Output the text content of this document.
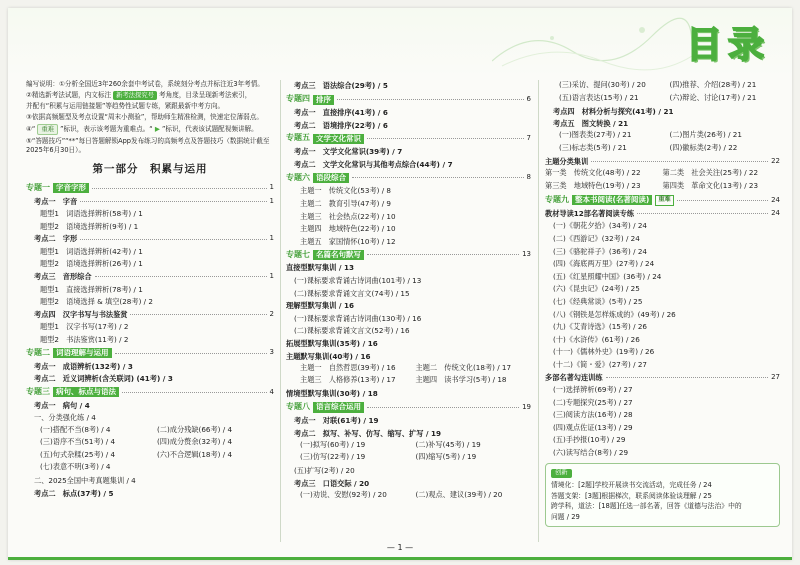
目录

编写说明：①分析全国近3年260余套中考试卷，系统刻分考点并标注近3年考情。

②精选新考法试题，内文标注 新考法探究号 考角度，目录呈现新考法索引，

并配有“积累与运用链接题”等趋势性试题专练，紧跟最新中考方向。

③依据高频题型及考点设置“周末小测验”，帮助师生精准检测，快速定位薄弱点。

④“ 重难 ”标识，表示该考题为重难点。“ ▶ ”标识，代表该试题配视频讲解。

⑤“答题技巧”“**”每日答题解锁App发布练习的高频考点及答题技巧（数据统计截至2025年6月30日）。

第一部分　积累与运用
专题一 字音字形	1
考点一　字音	1
题型1　词语选择辨析(58考) / 1
题型2　语境选择辨析(9考) / 1
考点二　字形	1
题型1　词语选择辨析(42考) / 1
题型2　语境选择辨析(26考) / 1
考点三　音形综合	1
题型1　直接选择辨析(78考) / 1
题型2　语境选择 & 填空(28考) / 2
考点四　汉字书写与书法鉴赏	2
题型1　汉字书写(17考) / 2
题型2　书法鉴赏(11考) / 2
专题二 词语理解与运用	3
考点一　成语辨析(132考) / 3
考点二　近义词辨析(含关联词) (41考) / 3
专题三 病句、标点与语法	4
考点一　病句 / 4
一、分类强化练 / 4
(一)搭配不当(8考) / 4	(二)成分残缺(66考) / 4
(三)语序不当(51考) / 4	(四)成分赘余(32考) / 4
(五)句式杂糅(25考) / 4	(六)不合逻辑(18考) / 4
(七)表意不明(3考) / 4
二、2025全国中考真题集训 / 4
考点二　标点(37考) / 5
考点三　语法综合(29考) / 5
专题四 排序	6
考点一　直接排序(41考) / 6
考点二　语境排序(22考) / 6
专题五 文学文化常识	7
考点一　文学文化常识(39考) / 7
考点二　文学文化常识与其他考点综合(44考) / 7
专题六 语段综合	8
主题一　传统文化(53考) / 8
主题二　教育引导(47考) / 9
主题三　社会热点(22考) / 10
主题四　地域特色(22考) / 10
主题五　家国情怀(10考) / 12
专题七 名篇名句默写	13
直接型默写集训 / 13
(一)课标要求背诵古诗词曲(101考) / 13
(二)课标要求背诵文言文(74考) / 15
理解型默写集训 / 16
(一)课标要求背诵古诗词曲(130考) / 16
(二)课标要求背诵文言文(52考) / 16
拓展型默写集训(35考) / 16
主题默写集训(40考) / 16
主题一　自然哲思(39考) / 16	主题二　传统文化(18考) / 17
主题三　人格修养(13考) / 17	主题四　读书学习(5考) / 18
情境型默写集训(30考) / 18
专题八 语言综合运用	19
考点一　对联(61考) / 19
考点二　拟写、补写、仿写、缩写、扩写 / 19
(一)拟写(60考) / 19	(二)补写(45考) / 19
(三)仿写(22考) / 19	(四)缩写(5考) / 19
(五)扩写(2考) / 20
考点三　口语交际 / 20
(一)劝说、安慰(92考) / 20	(二)观点、建议(39考) / 20
(三)采访、提问(30考) / 20	(四)推荐、介绍(28考) / 21
(五)语言表达(15考) / 21	(六)辩论、讨论(17考) / 21
考点四　材料分析与探究(41考) / 21
考点五　图文转换 / 21
(一)图表类(27考) / 21	(二)图片类(26考) / 21
(三)标志类(5考) / 21	(四)徽标类(2考) / 22
主题分类集训	22
第一类　传统文化(48考) / 22	第二类　社会关注(25考) / 22
第三类　地域特色(19考) / 23	第四类　革命文化(13考) / 23
专题九 整本书阅读(名著阅读)	重难	24
教材导读12部名著阅读专练	24
(一)《朝花夕拾》(34考) / 24
(二)《西游记》(32考) / 24
(三)《骆驼祥子》(36考) / 24
(四)《海底两万里》(27考) / 24
(五)《红星照耀中国》(36考) / 24
(六)《昆虫记》(24考) / 25
(七)《经典常谈》(5考) / 25
(八)《钢铁是怎样炼成的》(49考) / 26
(九)《艾青诗选》(15考) / 26
(十)《水浒传》(61考) / 26
(十一)《儒林外史》(19考) / 26
(十二)《简・爱》(27考) / 27
多部名著勾连训练	27
(一)选择辨析(69考) / 27
(二)专题探究(25考) / 27
(三)阅读方法(16考) / 28
(四)观点佐证(13考) / 29
(五)手抄报(10考) / 29
(六)读写结合(8考) / 29
创新

情境化：[2题]学校开展读书交流活动，完成任务 / 24

答题支架：[3题]根据梯次，联系阅读体验谈理解 / 25

跨学科，道法：[18题]任选一部名著，回答《道德与法治》中的

问题 / 29

— 1 —
